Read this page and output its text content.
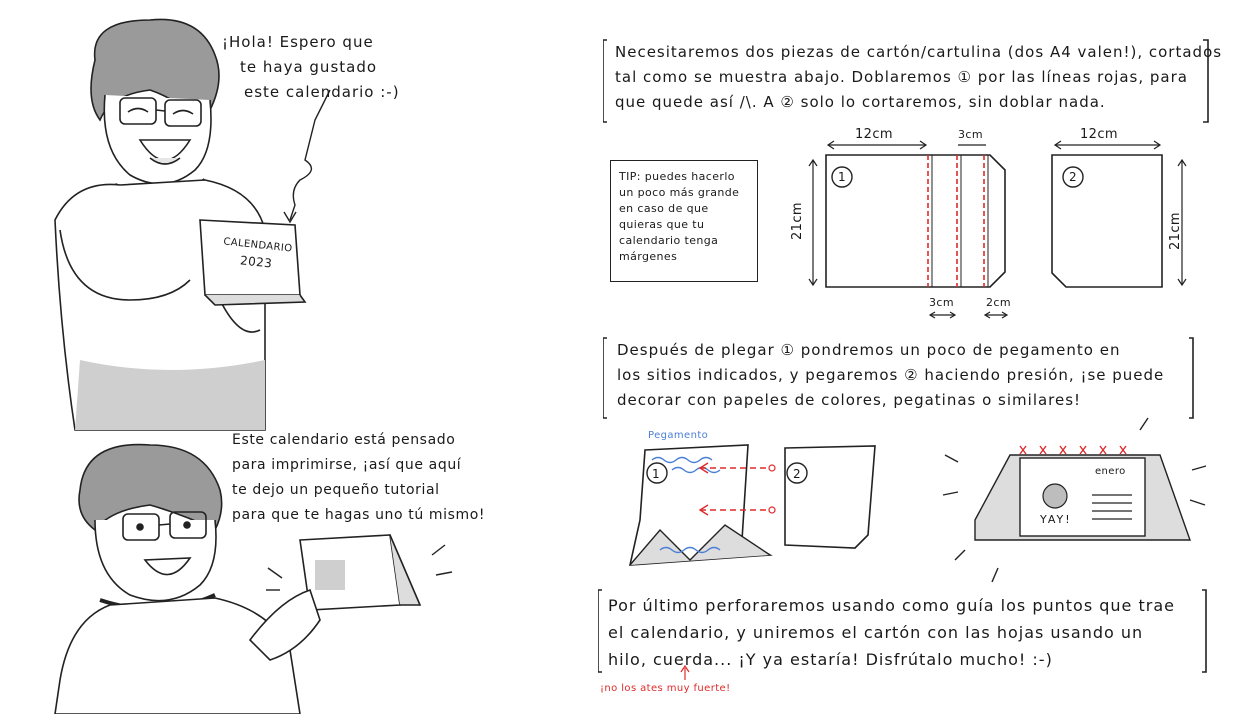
¡Hola! Espero que
te haya gustado
este calendario :-)
Este calendario está pensado
para imprimirse, ¡así que aquí
te dejo un pequeño tutorial
para que te hagas uno tú mismo!
CALENDARIO
2023
Necesitaremos dos piezas de cartón/cartulina (dos A4 valen!), cortados
tal como se muestra abajo. Doblaremos ① por las líneas rojas, para
que quede así /\. A ② solo lo cortaremos, sin doblar nada.
TIP: puedes hacerlo
un poco más grande
en caso de que
quieras que tu
calendario tenga
márgenes
12cm	3cm
21cm
3cm	2cm
12cm
21cm
1	2
Después de plegar ① pondremos un poco de pegamento en
los sitios indicados, y pegaremos ② haciendo presión, ¡se puede
decorar con papeles de colores, pegatinas o similares!
Pegamento
1	2	enero
YAY!
Por último perforaremos usando como guía los puntos que trae
el calendario, y uniremos el cartón con las hojas usando un
hilo, cuerda... ¡Y ya estaría! Disfrútalo mucho! :-)
¡no los ates muy fuerte!
